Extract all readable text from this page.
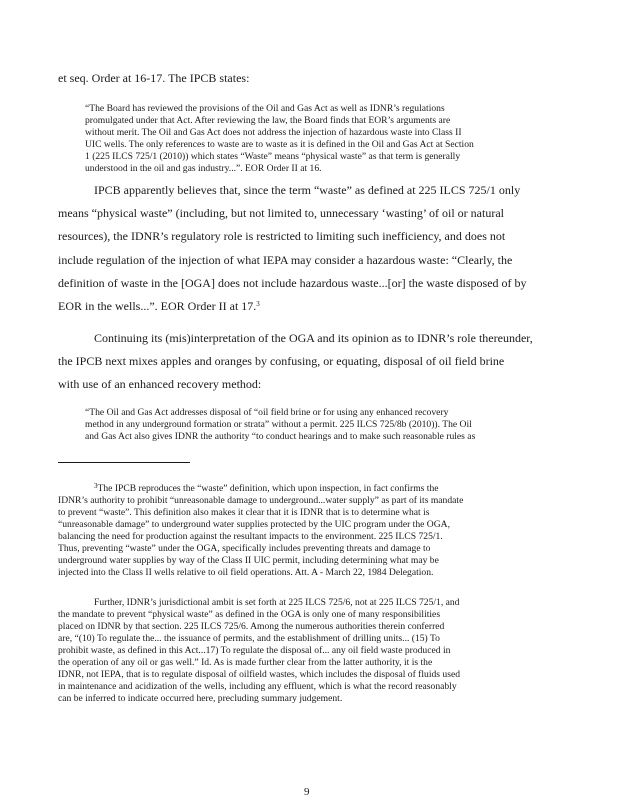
et seq. Order at 16-17. The IPCB states:
“The Board has reviewed the provisions of the Oil and Gas Act as well as IDNR’s regulations
promulgated under that Act. After reviewing the law, the Board finds that EOR’s arguments are
without merit. The Oil and Gas Act does not address the injection of hazardous waste into Class II
UIC wells. The only references to waste are to waste as it is defined in the Oil and Gas Act at Section
1 (225 ILCS 725/1 (2010)) which states “Waste” means “physical waste” as that term is generally
understood in the oil and gas industry...”. EOR Order II at 16.
IPCB apparently believes that, since the term “waste” as defined at 225 ILCS 725/1 only
means “physical waste” (including, but not limited to, unnecessary ‘wasting’ of oil or natural
resources), the IDNR’s regulatory role is restricted to limiting such inefficiency, and does not
include regulation of the injection of what IEPA may consider a hazardous waste: “Clearly, the
definition of waste in the [OGA] does not include hazardous waste...[or] the waste disposed of by
EOR in the wells...”. EOR Order II at 17.$^3$
Continuing its (mis)interpretation of the OGA and its opinion as to IDNR’s role thereunder,
the IPCB next mixes apples and oranges by confusing, or equating, disposal of oil field brine
with use of an enhanced recovery method:
“The Oil and Gas Act addresses disposal of “oil field brine or for using any enhanced recovery
method in any underground formation or strata” without a permit. 225 ILCS 725/8b (2010)). The Oil
and Gas Act also gives IDNR the authority “to conduct hearings and to make such reasonable rules as
$^3$The IPCB reproduces the “waste” definition, which upon inspection, in fact confirms the
IDNR’s authority to prohibit “unreasonable damage to underground...water supply” as part of its mandate
to prevent “waste”. This definition also makes it clear that it is IDNR that is to determine what is
“unreasonable damage” to underground water supplies protected by the UIC program under the OGA,
balancing the need for production against the resultant impacts to the environment. 225 ILCS 725/1.
Thus, preventing “waste” under the OGA, specifically includes preventing threats and damage to
underground water supplies by way of the Class II UIC permit, including determining what may be
injected into the Class II wells relative to oil field operations. Att. A - March 22, 1984 Delegation.
Further, IDNR’s jurisdictional ambit is set forth at 225 ILCS 725/6, not at 225 ILCS 725/1, and
the mandate to prevent “physical waste” as defined in the OGA is only one of many responsibilities
placed on IDNR by that section. 225 ILCS 725/6. Among the numerous authorities therein conferred
are, “(10) To regulate the... the issuance of permits, and the establishment of drilling units... (15) To
prohibit waste, as defined in this Act...17) To regulate the disposal of... any oil field waste produced in
the operation of any oil or gas well.” Id. As is made further clear from the latter authority, it is the
IDNR, not IEPA, that is to regulate disposal of oilfield wastes, which includes the disposal of fluids used
in maintenance and acidization of the wells, including any effluent, which is what the record reasonably
can be inferred to indicate occurred here, precluding summary judgement.
9
